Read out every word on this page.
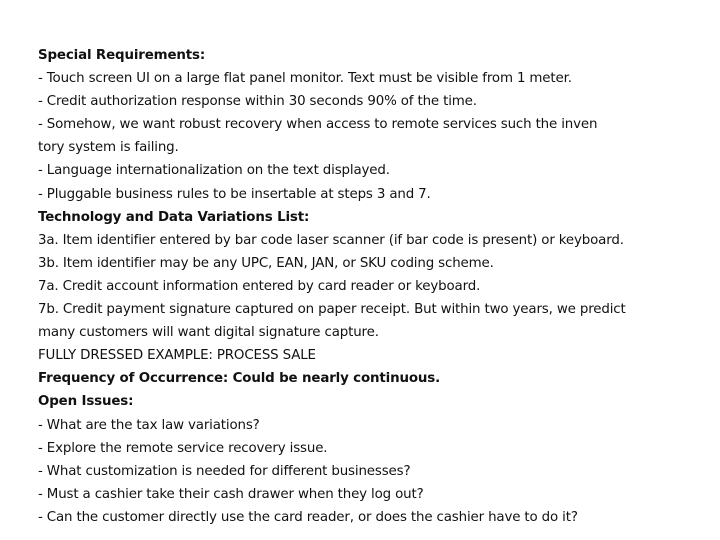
Special Requirements:
- Touch screen UI on a large flat panel monitor. Text must be visible from 1 meter.
- Credit authorization response within 30 seconds 90% of the time.
- Somehow, we want robust recovery when access to remote services such the inven
tory system is failing.
- Language internationalization on the text displayed.
- Pluggable business rules to be insertable at steps 3 and 7.
Technology and Data Variations List:
3a. Item identifier entered by bar code laser scanner (if bar code is present) or keyboard.
3b. Item identifier may be any UPC, EAN, JAN, or SKU coding scheme.
7a. Credit account information entered by card reader or keyboard.
7b. Credit payment signature captured on paper receipt. But within two years, we predict
many customers will want digital signature capture.
FULLY DRESSED EXAMPLE: PROCESS SALE
Frequency of Occurrence: Could be nearly continuous.
Open Issues:
- What are the tax law variations?
- Explore the remote service recovery issue.
- What customization is needed for different businesses?
- Must a cashier take their cash drawer when they log out?
- Can the customer directly use the card reader, or does the cashier have to do it?
